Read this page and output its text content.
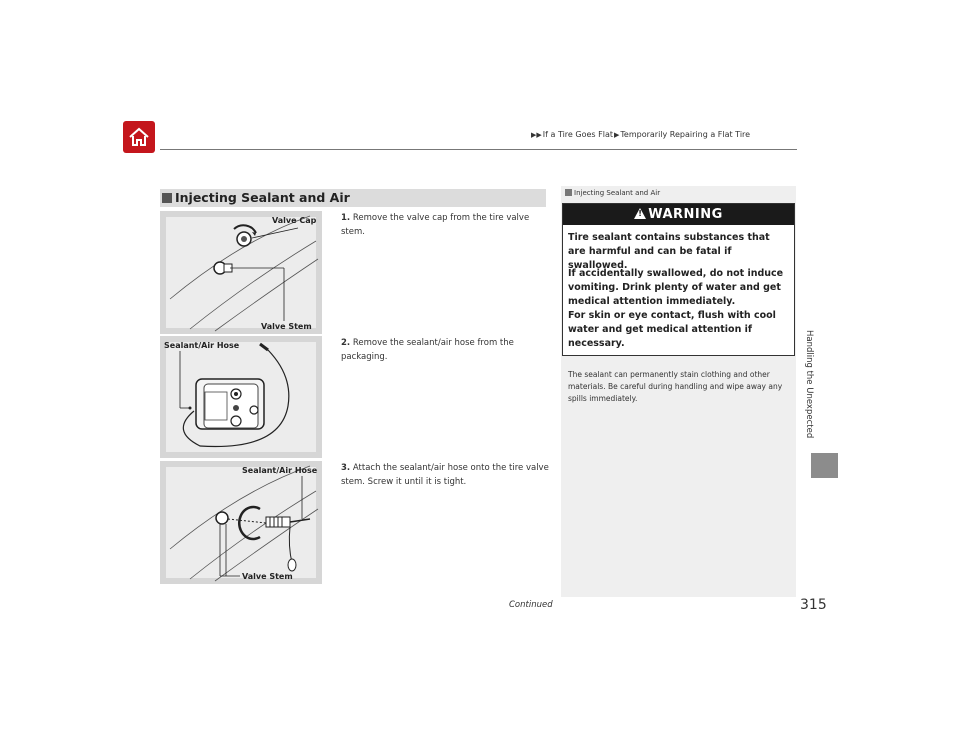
▶▶If a Tire Goes Flat▶Temporarily Repairing a Flat Tire
Handling the Unexpected
Injecting Sealant and Air
Valve Cap
Valve Stem
Sealant/Air Hose
Sealant/Air Hose
Valve Stem
1. Remove the valve cap from the tire valve stem.
2. Remove the sealant/air hose from the packaging.
3. Attach the sealant/air hose onto the tire valve stem. Screw it until it is tight.
Injecting Sealant and Air
!WARNING
Tire sealant contains substances that are harmful and can be fatal if swallowed.
If accidentally swallowed, do not induce vomiting. Drink plenty of water and get medical attention immediately.
For skin or eye contact, flush with cool water and get medical attention if necessary.
The sealant can permanently stain clothing and other materials. Be careful during handling and wipe away any spills immediately.
Continued	315
